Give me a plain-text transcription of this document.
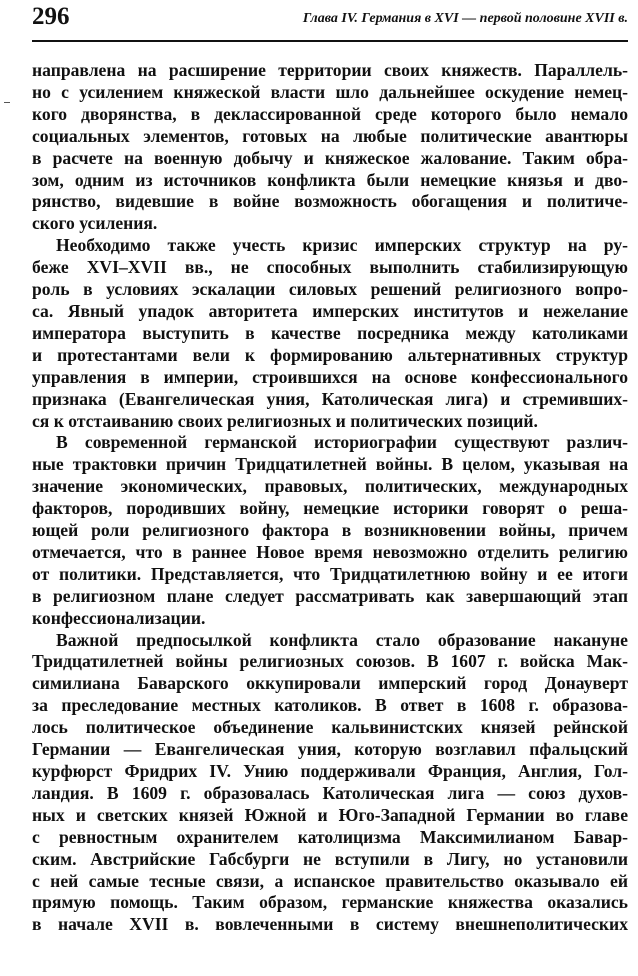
296	Глава IV. Германия в XVI — первой половине XVII в.

направлена на расширение территории своих княжеств. Параллель-
но с усилением княжеской власти шло дальнейшее оскудение немец-
кого дворянства, в деклассированной среде которого было немало
социальных элементов, готовых на любые политические авантюры
в расчете на военную добычу и княжеское жалование. Таким обра-
зом, одним из источников конфликта были немецкие князья и дво-
рянство, видевшие в войне возможность обогащения и политиче-
ского усиления.

Необходимо также учесть кризис имперских структур на ру-
беже XVI–XVII вв., не способных выполнить стабилизирующую
роль в условиях эскалации силовых решений религиозного вопро-
са. Явный упадок авторитета имперских институтов и нежелание
императора выступить в качестве посредника между католиками
и протестантами вели к формированию альтернативных структур
управления в империи, строившихся на основе конфессионального
признака (Евангелическая уния, Католическая лига) и стремивших-
ся к отстаиванию своих религиозных и политических позиций.

В современной германской историографии существуют различ-
ные трактовки причин Тридцатилетней войны. В целом, указывая на
значение экономических, правовых, политических, международных
факторов, породивших войну, немецкие историки говорят о реша-
ющей роли религиозного фактора в возникновении войны, причем
отмечается, что в раннее Новое время невозможно отделить религию
от политики. Представляется, что Тридцатилетнюю войну и ее итоги
в религиозном плане следует рассматривать как завершающий этап
конфессионализации.

Важной предпосылкой конфликта стало образование накануне
Тридцатилетней войны религиозных союзов. В 1607 г. войска Мак-
симилиана Баварского оккупировали имперский город Донауверт
за преследование местных католиков. В ответ в 1608 г. образова-
лось политическое объединение кальвинистских князей рейнской
Германии — Евангелическая уния, которую возглавил пфальцский
курфюрст Фридрих IV. Унию поддерживали Франция, Англия, Гол-
ландия. В 1609 г. образовалась Католическая лига — союз духов-
ных и светских князей Южной и Юго-Западной Германии во главе
с ревностным охранителем католицизма Максимилианом Бавар-
ским. Австрийские Габсбурги не вступили в Лигу, но установили
с ней самые тесные связи, а испанское правительство оказывало ей
прямую помощь. Таким образом, германские княжества оказались
в начале XVII в. вовлеченными в систему внешнеполитических
